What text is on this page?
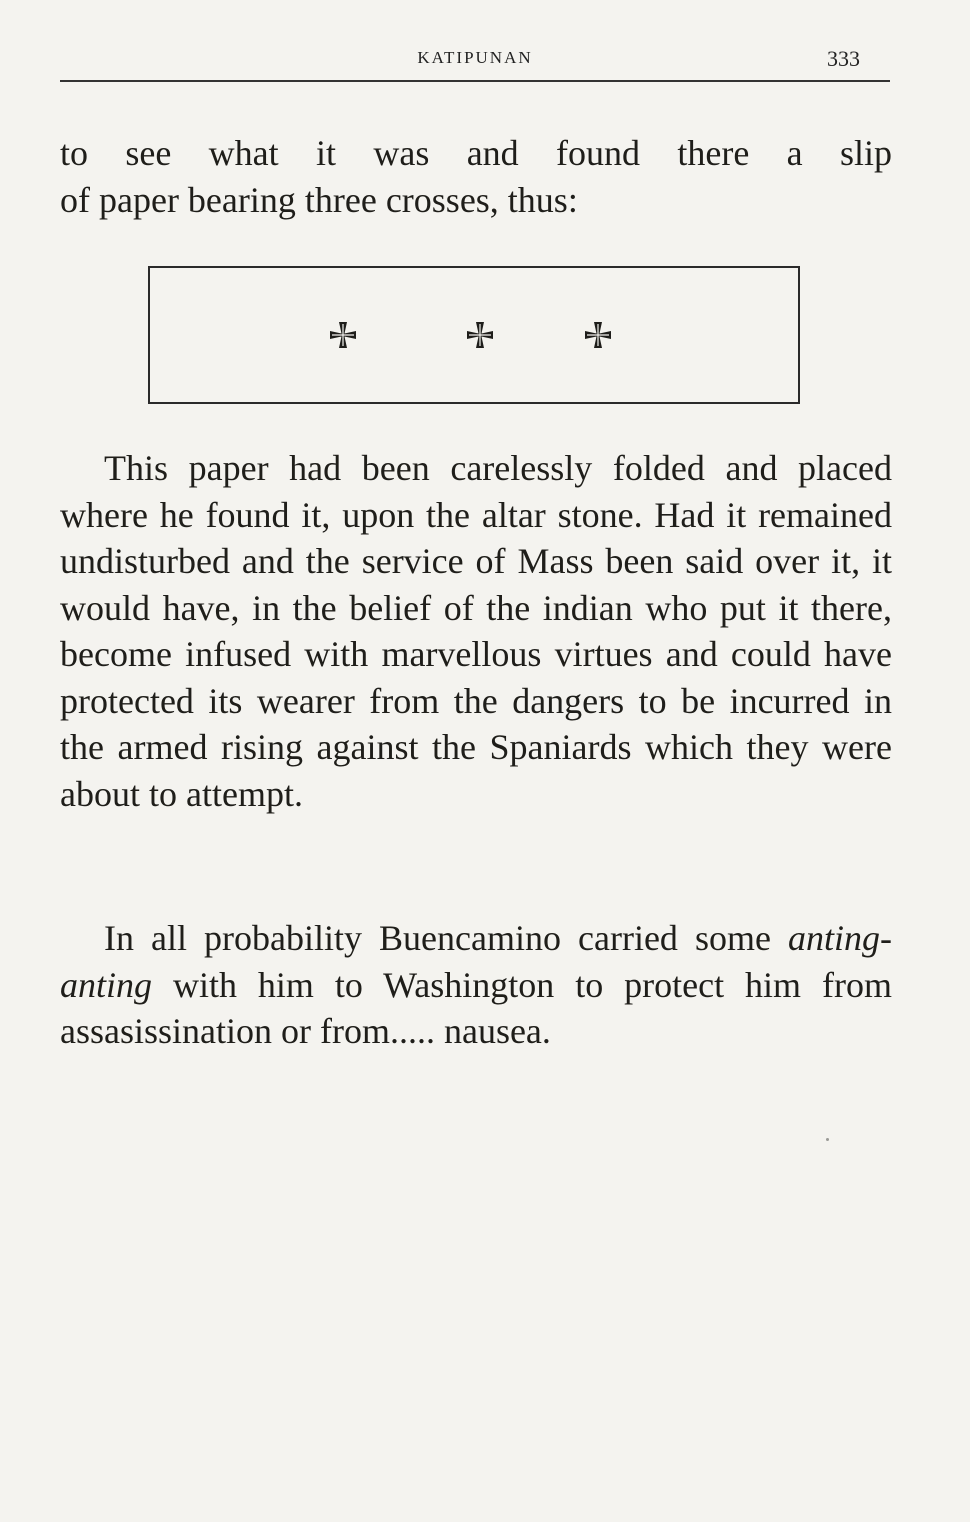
KATIPUNAN	333

to see what it was and found there a slip

of paper bearing three crosses, thus:

This paper had been carelessly folded and placed where he found it, upon the altar stone. Had it remained undisturbed and the service of Mass been said over it, it would have, in the belief of the indian who put it there, become infused with marvellous virtues and could have protected its wearer from the dangers to be incurred in the armed rising against the Spaniards which they were about to attempt.

In all probability Buencamino carried some anting-anting with him to Washington to protect him from assasissination or from..... nausea.
